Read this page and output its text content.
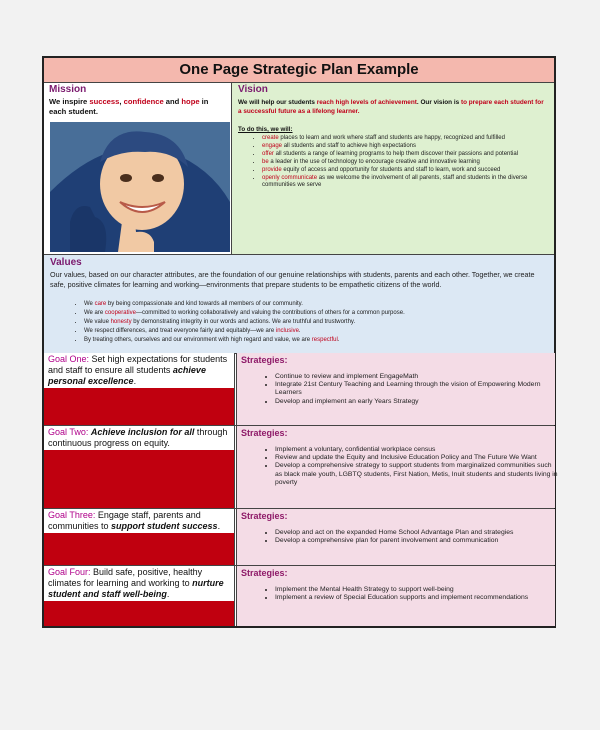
One Page Strategic Plan Example
Mission
We inspire success, confidence and hope in each student.
Vision
We will help our students reach high levels of achievement. Our vision is to prepare each student for a successful future as a lifelong learner.
To do this, we will:
• create places to learn and work where staff and students are happy, recognized and fulfilled
• engage all students and staff to achieve high expectations
• offer all students a range of learning programs to help them discover their passions and potential
• be a leader in the use of technology to encourage creative and innovative learning
• provide equity of access and opportunity for students and staff to learn, work and succeed
• openly communicate as we welcome the involvement of all parents, staff and students in the diverse communities we serve
Values
Our values, based on our character attributes, are the foundation of our genuine relationships with students, parents and each other. Together, we create safe, positive climates for learning and working—environments that prepare students to be empathetic citizens of the world.
• We care by being compassionate and kind towards all members of our community.
• We are cooperative—committed to working collaboratively and valuing the contributions of others for a common purpose.
• We value honesty by demonstrating integrity in our words and actions. We are truthful and trustworthy.
• We respect differences, and treat everyone fairly and equitably—we are inclusive.
• By treating others, ourselves and our environment with high regard and value, we are respectful.
Goal One: Set high expectations for students and staff to ensure all students achieve personal excellence.
Strategies:
• Continue to review and implement EngageMath
• Integrate 21st Century Teaching and Learning through the vision of Empowering Modern Learners
• Develop and implement an early Years Strategy
Goal Two: Achieve inclusion for all through continuous progress on equity.
Strategies:
• Implement a voluntary, confidential workplace census
• Review and update the Equity and Inclusive Education Policy and The Future We Want
• Develop a comprehensive strategy to support students from marginalized communities such as black male youth, LGBTQ students, First Nation, Metis, Inuit students and students living in poverty
Goal Three: Engage staff, parents and communities to support student success.
Strategies:
• Develop and act on the expanded Home School Advantage Plan and strategies
• Develop a comprehensive plan for parent involvement and communication
Goal Four: Build safe, positive, healthy climates for learning and working to nurture student and staff well-being.
Strategies:
• Implement the Mental Health Strategy to support well-being
• Implement a review of Special Education supports and implement recommendations
